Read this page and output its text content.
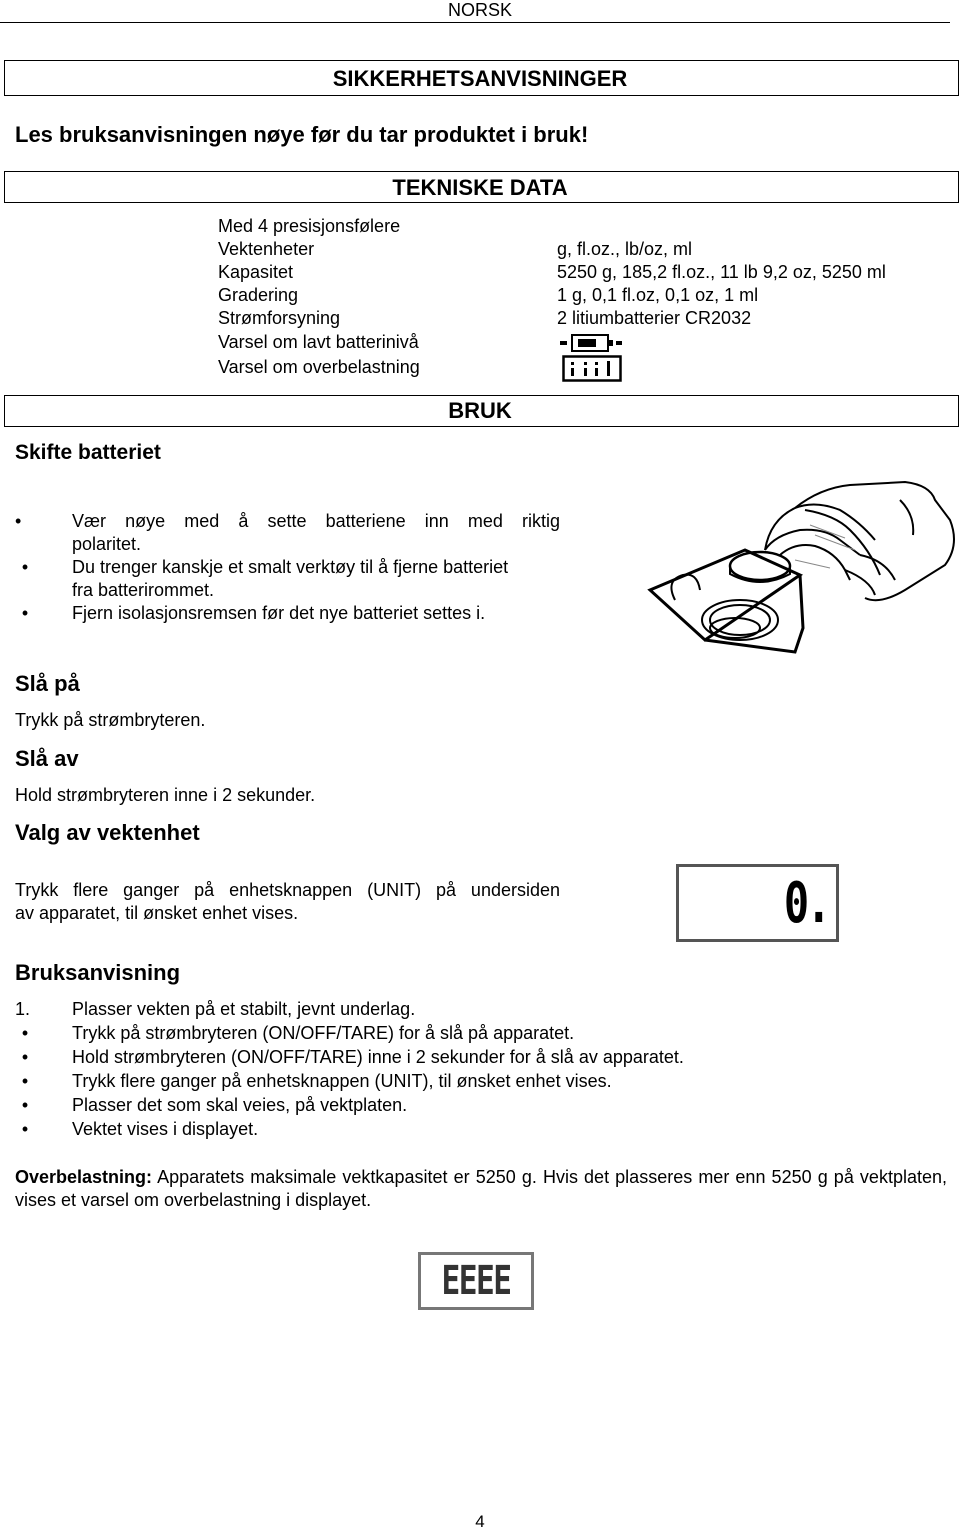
NORSK
SIKKERHETSANVISNINGER
Les bruksanvisningen nøye før du tar produktet i bruk!
TEKNISKE DATA
Med 4 presisjonsfølere
Vektenheter	g, fl.oz., lb/oz, ml
Kapasitet	5250 g, 185,2 fl.oz., 11 lb 9,2 oz, 5250 ml
Gradering	1 g, 0,1 fl.oz, 0,1 oz, 1 ml
Strømforsyning	2 litiumbatterier CR2032
Varsel om lavt batterinivå
Varsel om overbelastning
BRUK
Skifte batteriet
•	Vær nøye med å sette batteriene inn med riktig
polaritet.
•	Du trenger kanskje et smalt verktøy til å fjerne batteriet
fra batterirommet.
•	Fjern isolasjonsremsen før det nye batteriet settes i.
Slå på
Trykk på strømbryteren.
Slå av
Hold strømbryteren inne i 2 sekunder.
Valg av vektenhet
Trykk flere ganger på enhetsknappen (UNIT) på undersiden
av apparatet, til ønsket enhet vises.	0.
Bruksanvisning
1. Plasser vekten på et stabilt, jevnt underlag.
•	Trykk på strømbryteren (ON/OFF/TARE) for å slå på apparatet.
•	Hold strømbryteren (ON/OFF/TARE) inne i 2 sekunder for å slå av apparatet.
•	Trykk flere ganger på enhetsknappen (UNIT), til ønsket enhet vises.
•	Plasser det som skal veies, på vektplaten.
•	Vektet vises i displayet.
Overbelastning: Apparatets maksimale vektkapasitet er 5250 g. Hvis det plasseres mer enn 5250 g på vektplaten, vises et varsel om overbelastning i displayet.
EEEE
4
